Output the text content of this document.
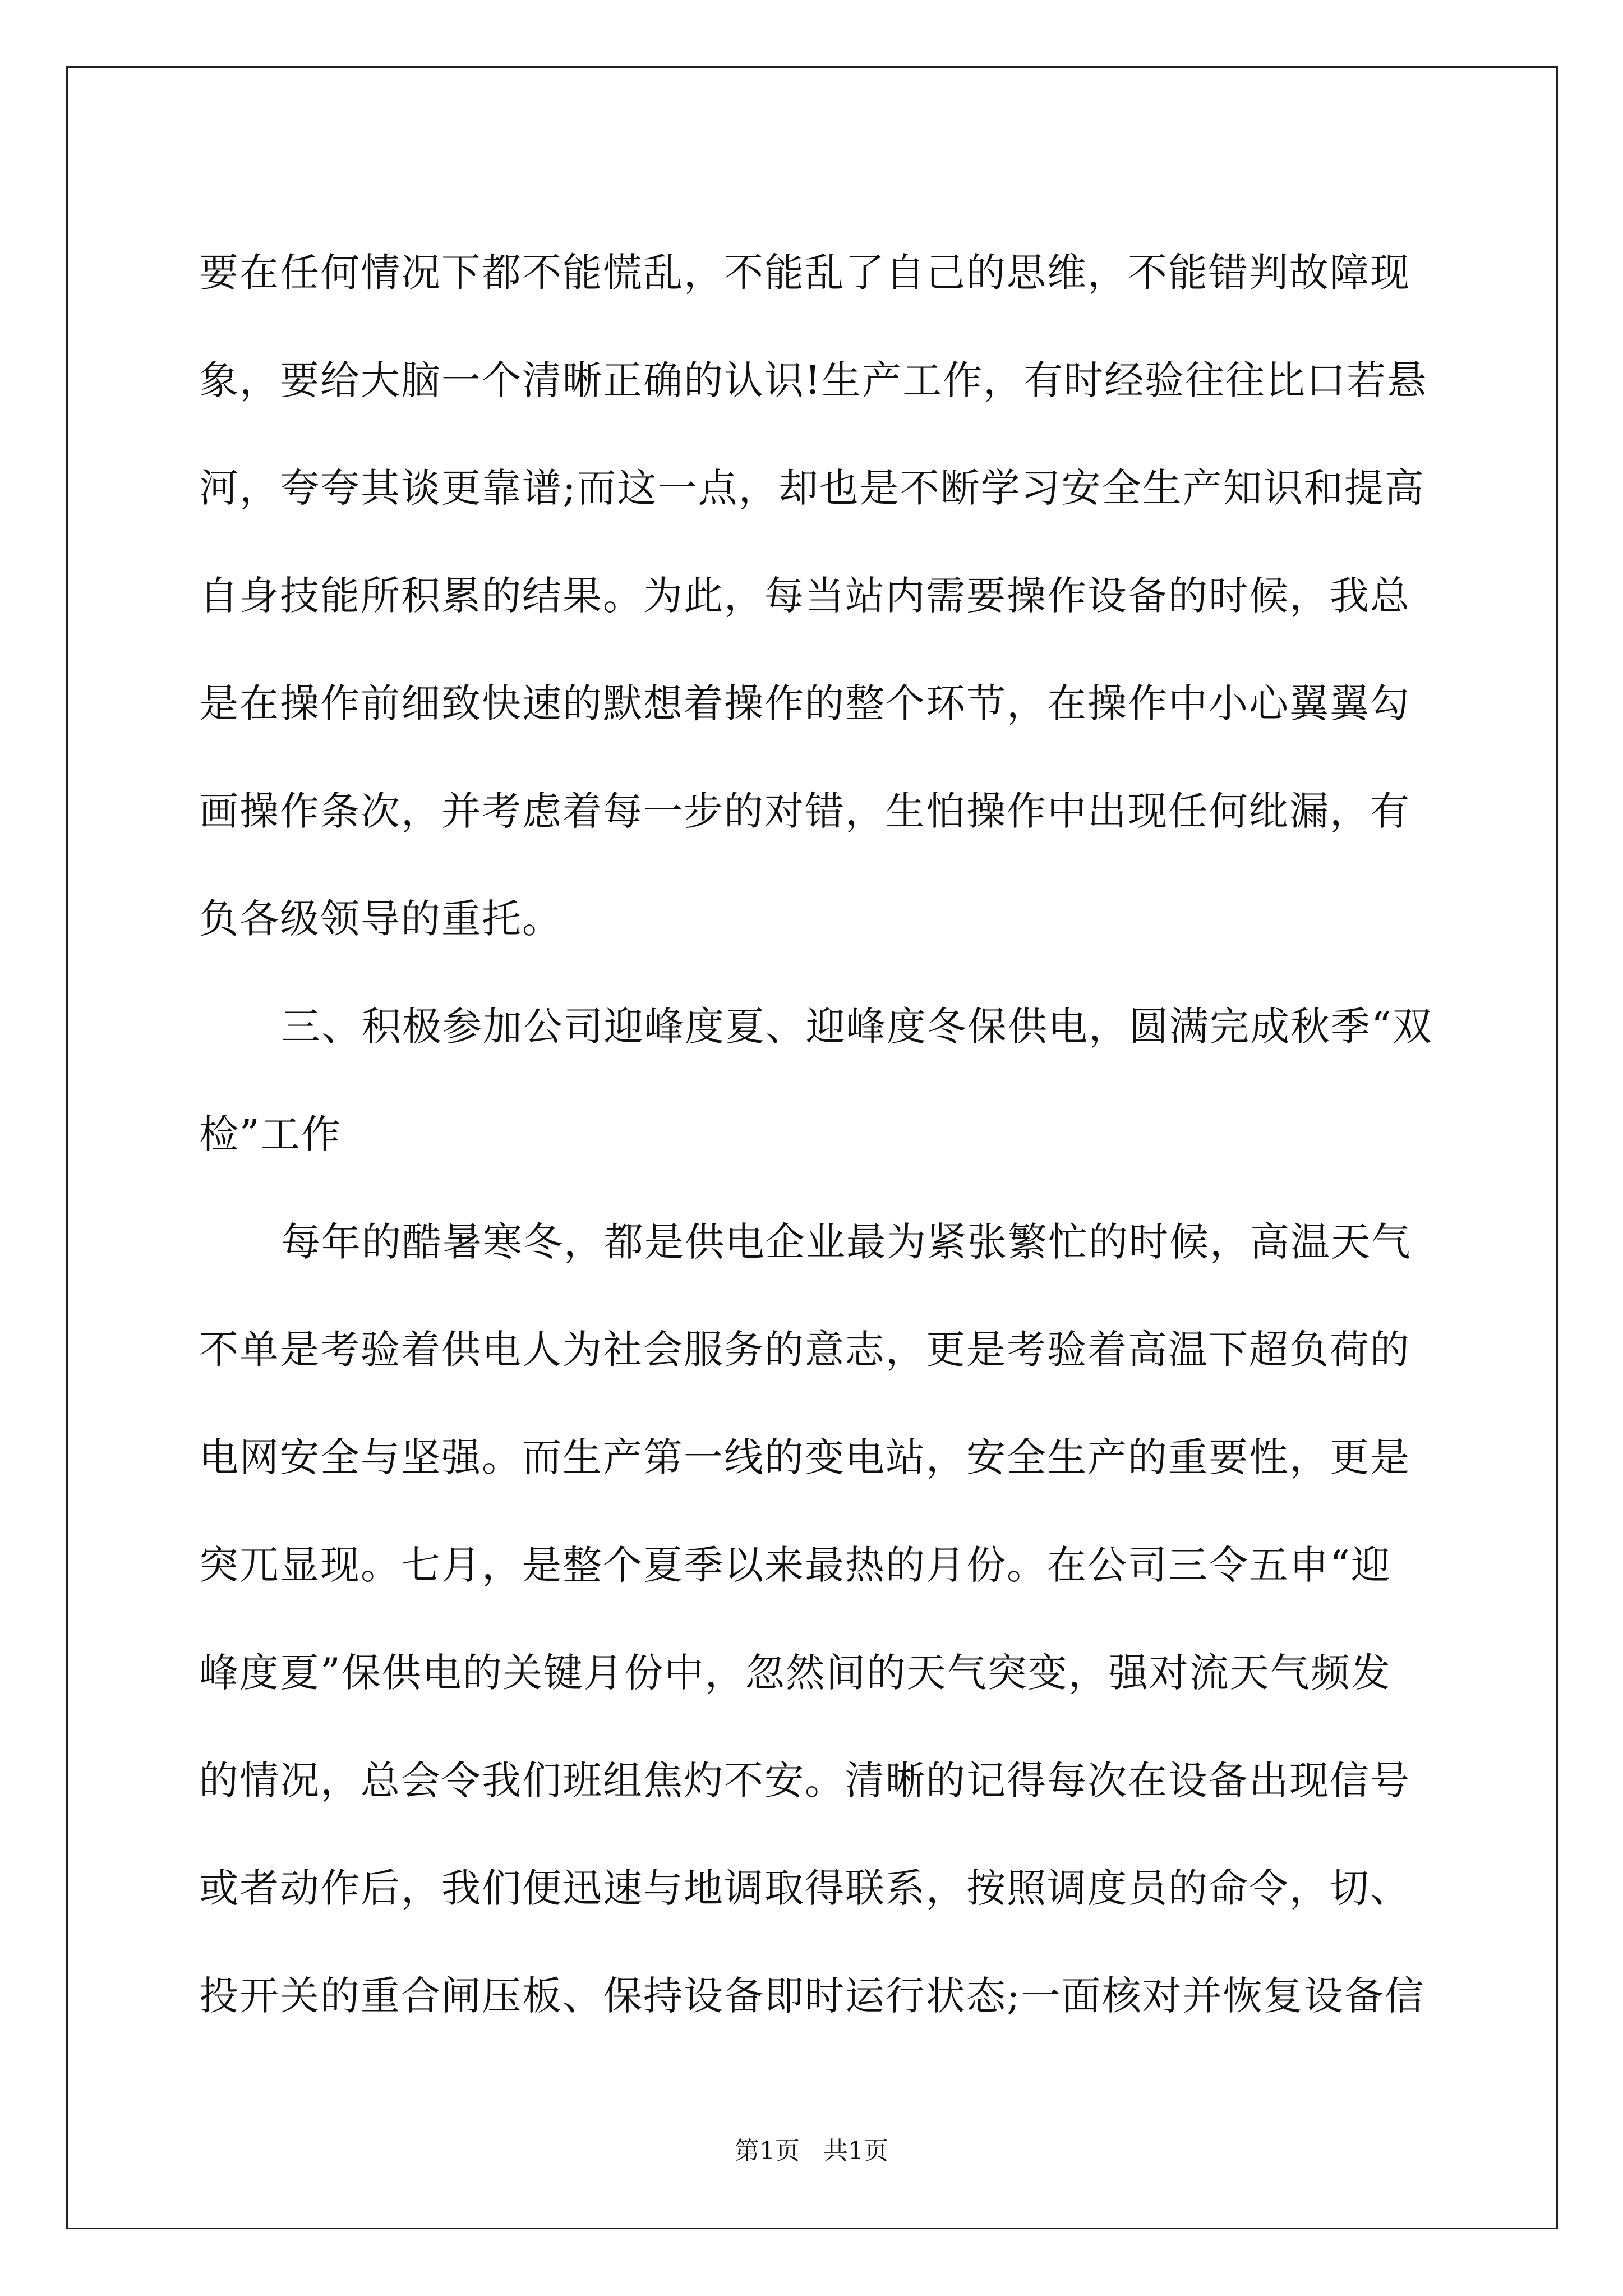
要在任何情况下都不能慌乱，不能乱了自己的思维，不能错判故障现
象，要给大脑一个清晰正确的认识!生产工作，有时经验往往比口若悬
河，夸夸其谈更靠谱;而这一点，却也是不断学习安全生产知识和提高
自身技能所积累的结果。为此，每当站内需要操作设备的时候，我总
是在操作前细致快速的默想着操作的整个环节，在操作中小心翼翼勾
画操作条次，并考虑着每一步的对错，生怕操作中出现任何纰漏，有
负各级领导的重托。
三、积极参加公司迎峰度夏、迎峰度冬保供电，圆满完成秋季“双
检”工作
每年的酷暑寒冬，都是供电企业最为紧张繁忙的时候，高温天气
不单是考验着供电人为社会服务的意志，更是考验着高温下超负荷的
电网安全与坚强。而生产第一线的变电站，安全生产的重要性，更是
突兀显现。七月，是整个夏季以来最热的月份。在公司三令五申“迎
峰度夏”保供电的关键月份中，忽然间的天气突变，强对流天气频发
的情况，总会令我们班组焦灼不安。清晰的记得每次在设备出现信号
或者动作后，我们便迅速与地调取得联系，按照调度员的命令，切、
投开关的重合闸压板、保持设备即时运行状态;一面核对并恢复设备信
第1页   共1页
